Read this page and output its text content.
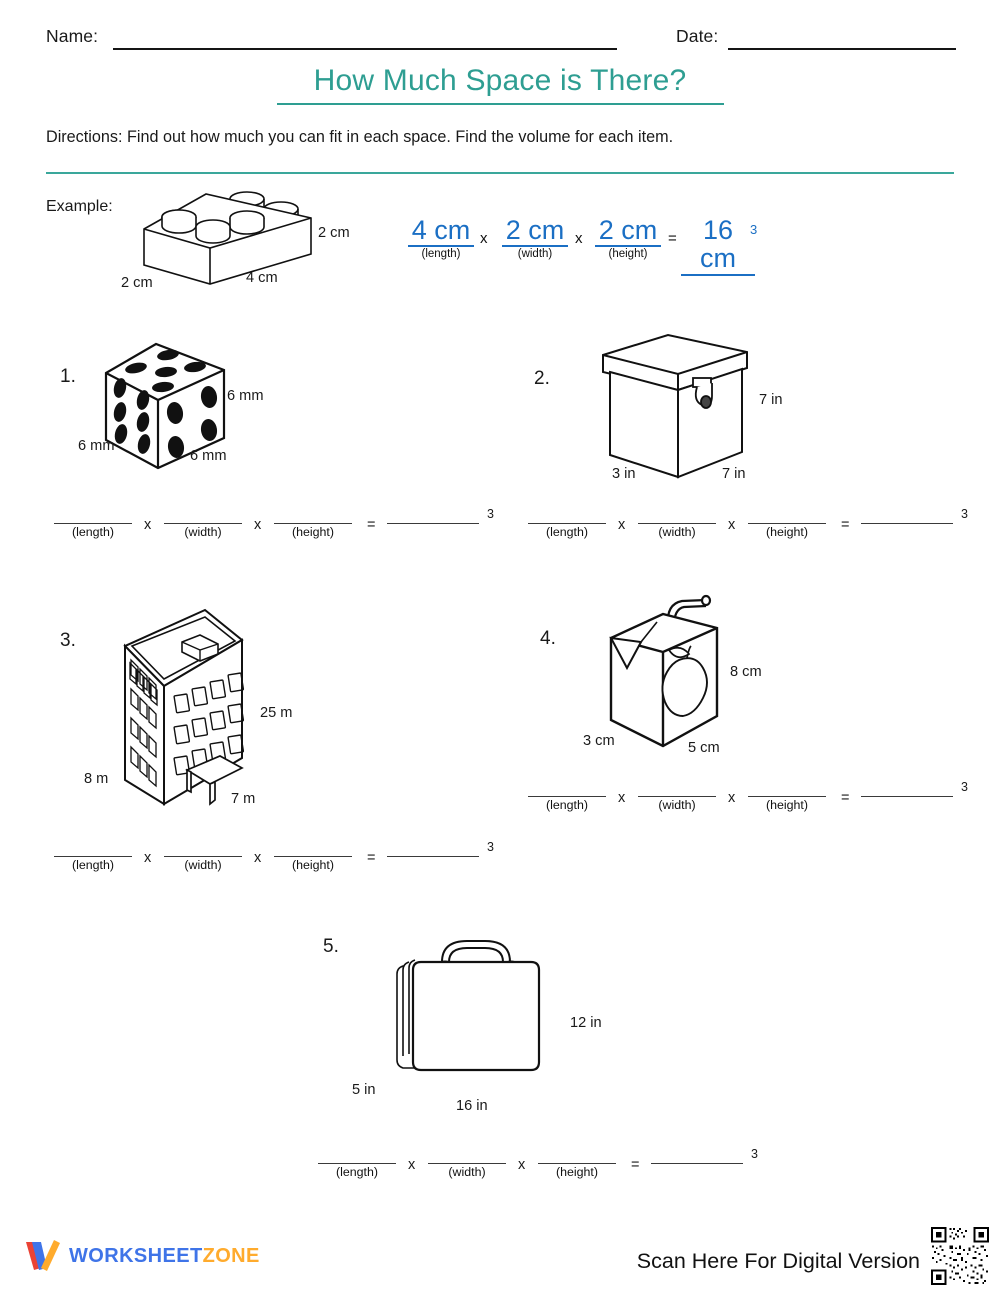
Name:	Date:
How Much Space is There?
Directions: Find out how much you can fit in each space. Find the volume for each item.
Example:
2 cm
4 cm
2 cm
4 cm
(length)
x 2 cm
(width)
x 2 cm
(height)
= 16 cm
3
1.
6 mm
6 mm
6 mm
(length)	x	(width)	x	(height)	=
3
2.
7 in
7 in
3 in
(length)	x	(width)	x	(height)	=
3
3.
25 m
7 m
8 m
(length)	x	(width)	x	(height)	=
3
4.
8 cm
5 cm
3 cm
(length)	x	(width)	x	(height)	=
3
5.
12 in
16 in
5 in
(length)	x	(width)	x	(height)	=
3
WORKSHEETZONE	Scan Here For Digital Version
